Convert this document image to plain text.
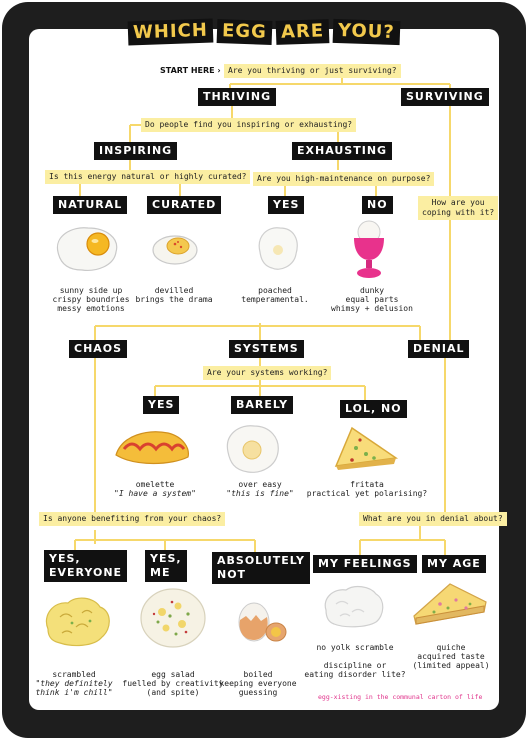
WHICH EGG ARE YOU?
START HERE › Are you thriving or just surviving?
THRIVING	SURVIVING
Do people find you inspiring or exhausting?
INSPIRING	EXHAUSTING
Is this energy natural or highly curated?	Are you high-maintenance on purpose?
How are you
coping with it?
NATURAL	CURATED	YES	NO
sunny side up
crispy boundries
messy emotions
devilled
brings the drama
poached
temperamental.
dunky
equal parts
whimsy + delusion
CHAOS	SYSTEMS	DENIAL
Are your systems working?
YES	BARELY	LOL, NO
omelette
"I have a system"
over easy
"this is fine"
fritata
practical yet polarising?
Is anyone benefiting from your chaos?	What are you in denial about?
YES,
EVERYONE
YES,
ME
ABSOLUTELY
NOT
MY FEELINGS	MY AGE
scrambled
"they definitely
think i'm chill"
egg salad
fuelled by creativity
(and spite)
boiled
keeping everyone
guessing
no yolk scramble

discipline or
eating disorder lite?
quiche
acquired taste
(limited appeal)
egg-xisting in the communal carton of life
